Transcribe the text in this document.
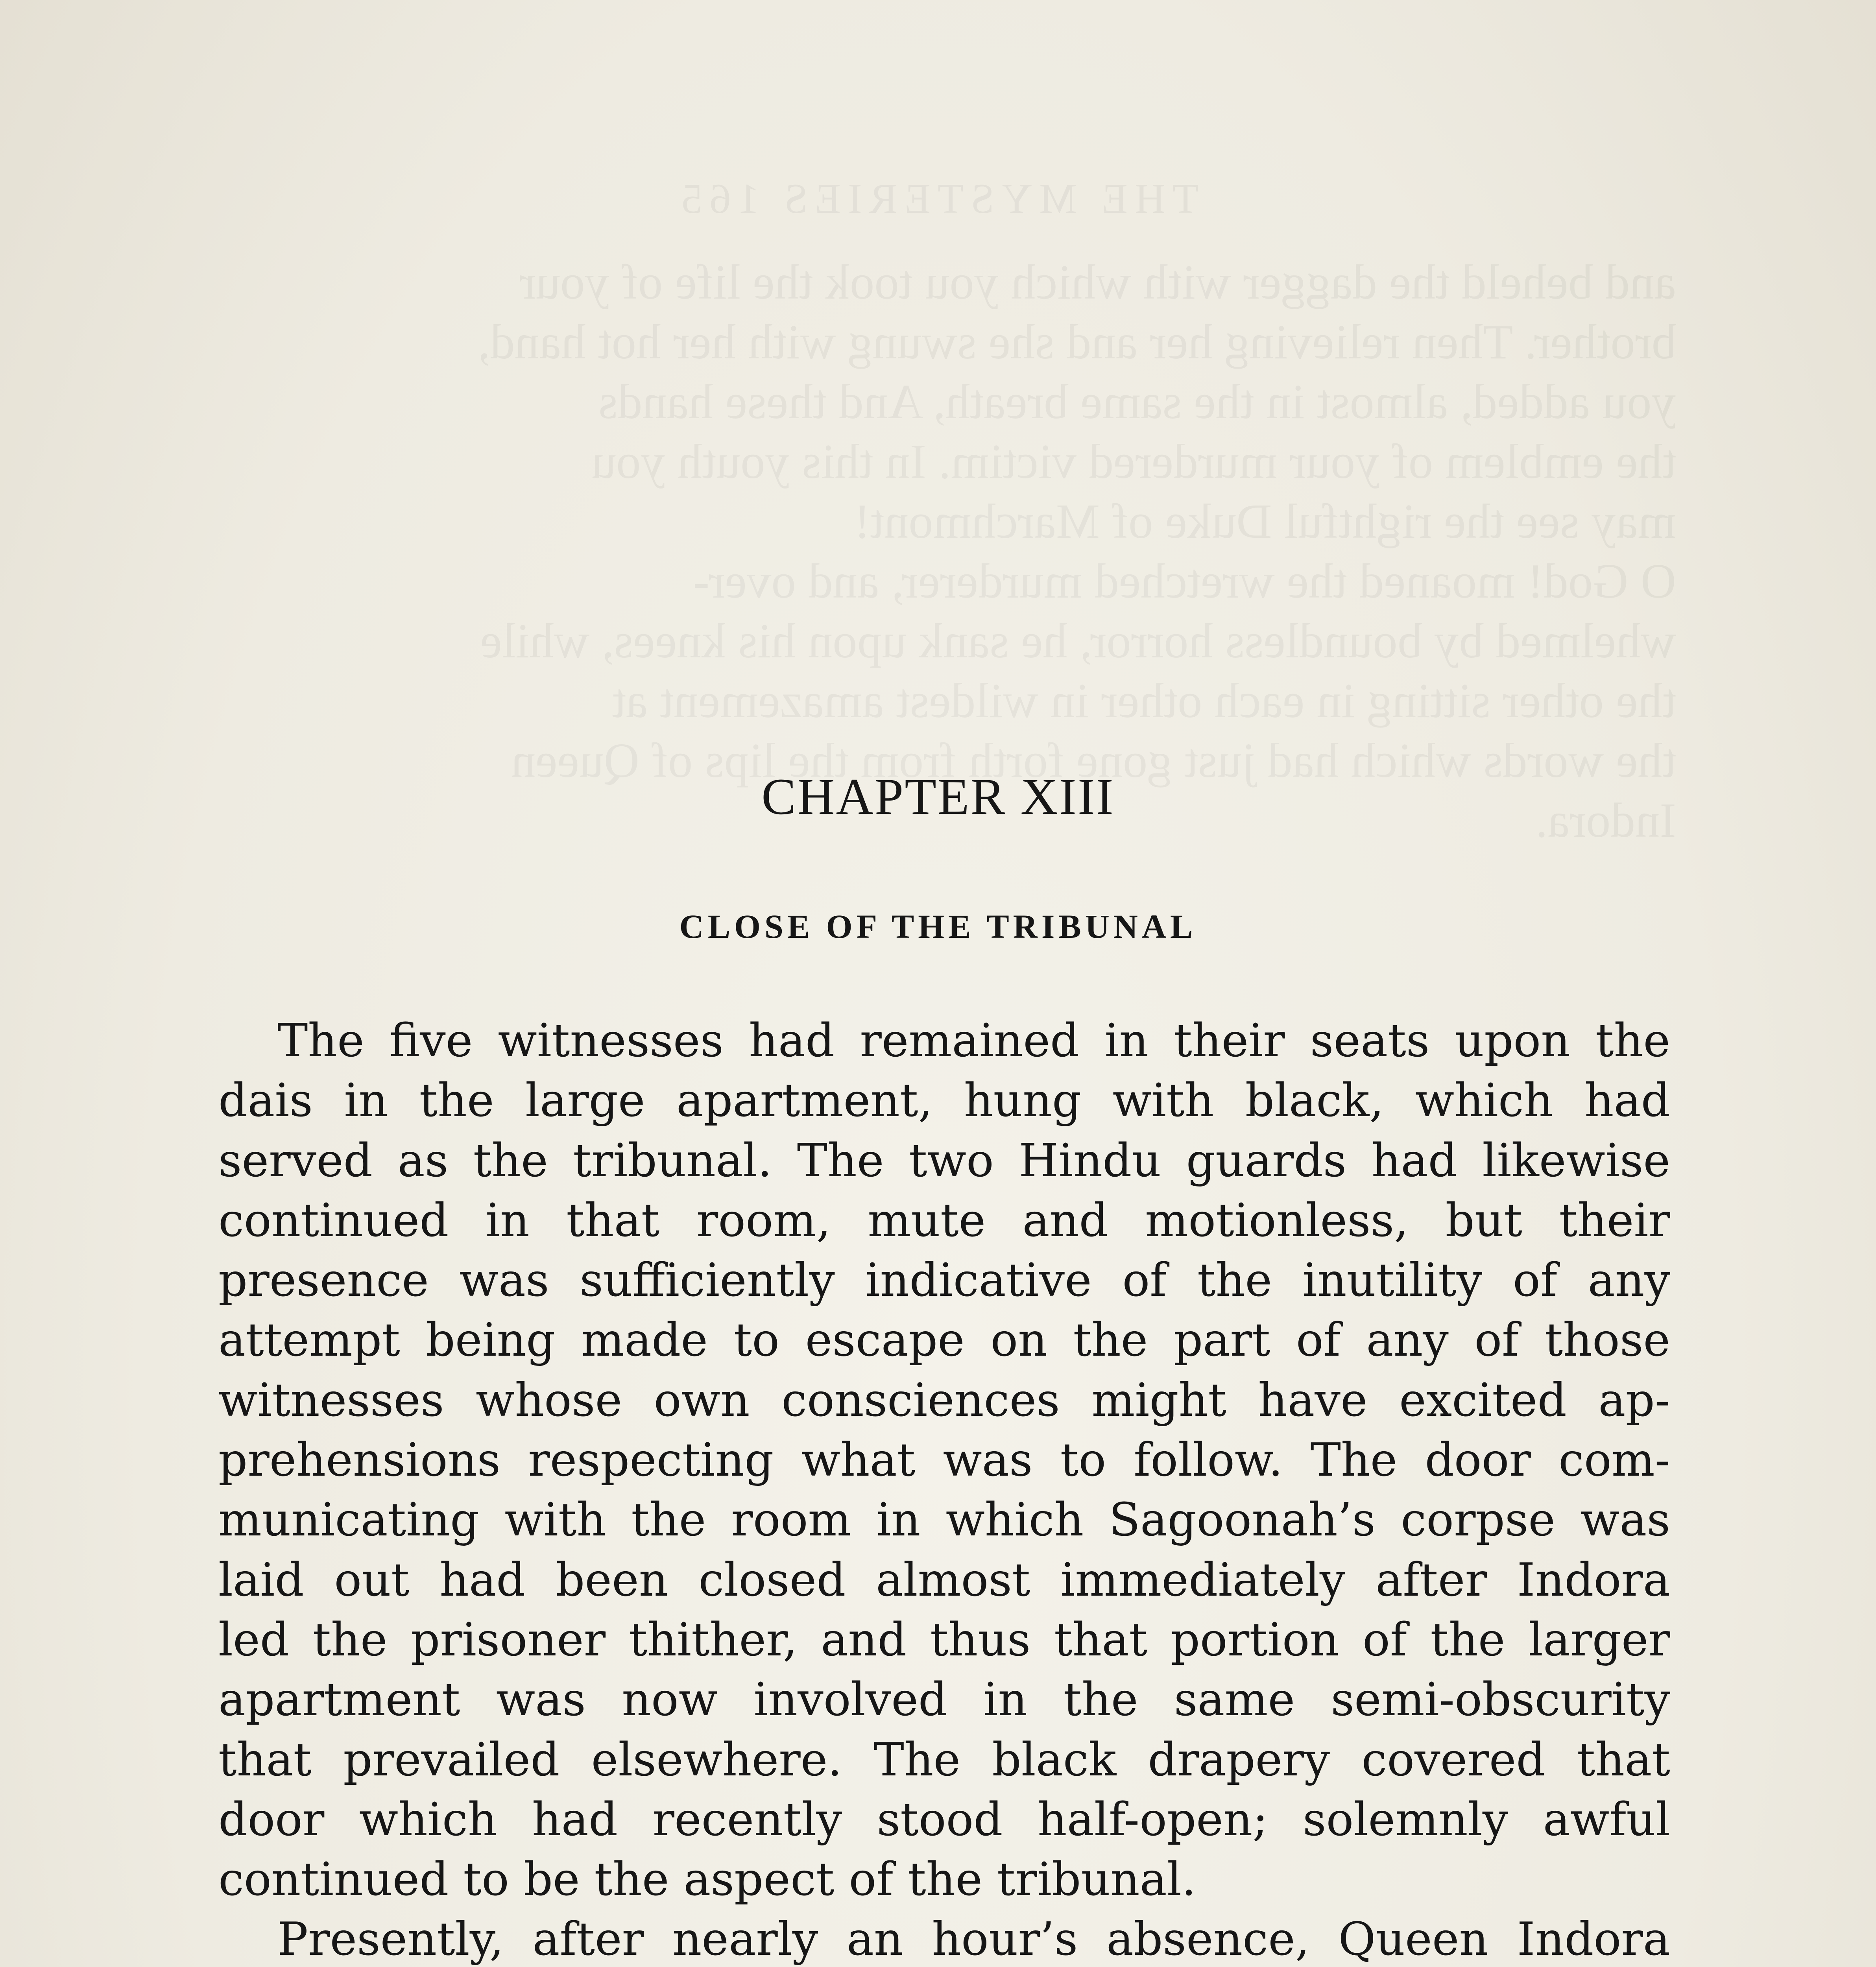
CHAPTER XIII
CLOSE OF THE TRIBUNAL
The five witnesses had remained in their seats upon the
dais in the large apartment, hung with black, which had
served as the tribunal. The two Hindu guards had likewise
continued in that room, mute and motionless, but their
presence was sufficiently indicative of the inutility of any
attempt being made to escape on the part of any of those
witnesses whose own consciences might have excited ap-
prehensions respecting what was to follow. The door com-
municating with the room in which Sagoonah’s corpse was
laid out had been closed almost immediately after Indora
led the prisoner thither, and thus that portion of the larger
apartment was now involved in the same semi-obscurity
that prevailed elsewhere. The black drapery covered that
door which had recently stood half-open; solemnly awful
continued to be the aspect of the tribunal.
Presently, after nearly an hour’s absence, Queen Indora
